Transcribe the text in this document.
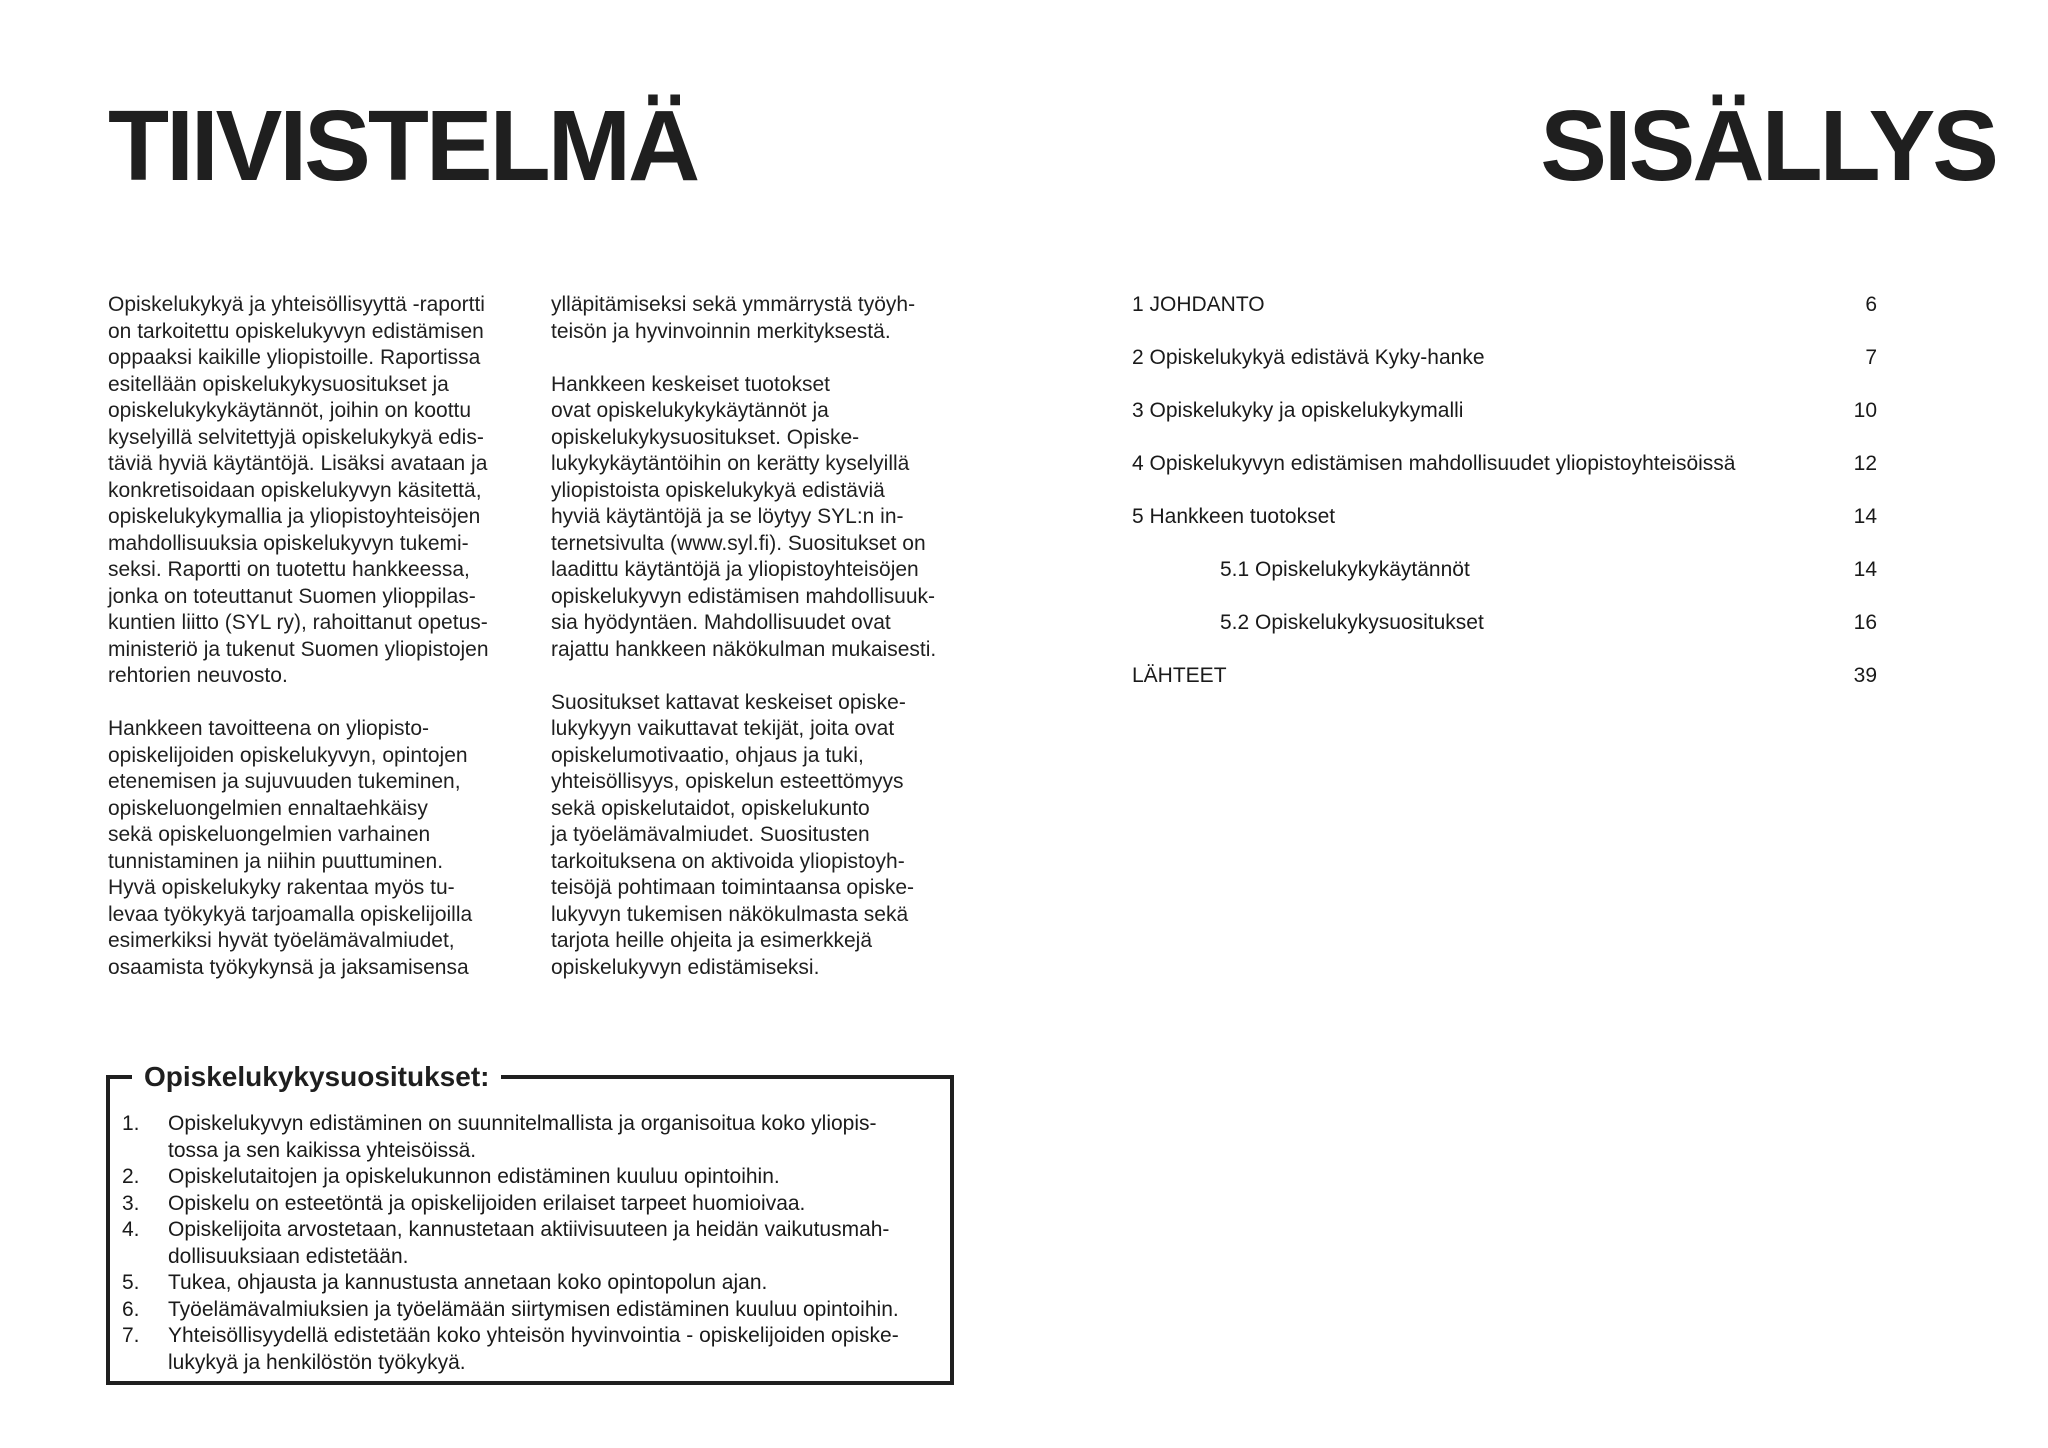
TIIVISTELMÄ

Opiskelukykyä ja yhteisöllisyyttä -raportti
on tarkoitettu opiskelukyvyn edistämisen
oppaaksi kaikille yliopistoille. Raportissa
esitellään opiskelukykysuositukset ja
opiskelukykykäytännöt, joihin on koottu
kyselyillä selvitettyjä opiskelukykyä edis-
täviä hyviä käytäntöjä. Lisäksi avataan ja
konkretisoidaan opiskelukyvyn käsitettä,
opiskelukykymallia ja yliopistoyhteisöjen
mahdollisuuksia opiskelukyvyn tukemi-
seksi. Raportti on tuotettu hankkeessa,
jonka on toteuttanut Suomen ylioppilas-
kuntien liitto (SYL ry), rahoittanut opetus-
ministeriö ja tukenut Suomen yliopistojen
rehtorien neuvosto.

Hankkeen tavoitteena on yliopisto-
opiskelijoiden opiskelukyvyn, opintojen
etenemisen ja sujuvuuden tukeminen,
opiskeluongelmien ennaltaehkäisy
sekä opiskeluongelmien varhainen
tunnistaminen ja niihin puuttuminen.
Hyvä opiskelukyky rakentaa myös tu-
levaa työkykyä tarjoamalla opiskelijoilla
esimerkiksi hyvät työelämävalmiudet,
osaamista työkykynsä ja jaksamisensa

ylläpitämiseksi sekä ymmärrystä työyh-
teisön ja hyvinvoinnin merkityksestä.

Hankkeen keskeiset tuotokset
ovat opiskelukykykäytännöt ja
opiskelukykysuositukset. Opiske-
lukykykäytäntöihin on kerätty kyselyillä
yliopistoista opiskelukykyä edistäviä
hyviä käytäntöjä ja se löytyy SYL:n in-
ternetsivulta (www.syl.fi). Suositukset on
laadittu käytäntöjä ja yliopistoyhteisöjen
opiskelukyvyn edistämisen mahdollisuuk-
sia hyödyntäen. Mahdollisuudet ovat
rajattu hankkeen näkökulman mukaisesti.

Suositukset kattavat keskeiset opiske-
lukykyyn vaikuttavat tekijät, joita ovat
opiskelumotivaatio, ohjaus ja tuki,
yhteisöllisyys, opiskelun esteettömyys
sekä opiskelutaidot, opiskelukunto
ja työelämävalmiudet. Suositusten
tarkoituksena on aktivoida yliopistoyh-
teisöjä pohtimaan toimintaansa opiske-
lukyvyn tukemisen näkökulmasta sekä
tarjota heille ohjeita ja esimerkkejä
opiskelukyvyn edistämiseksi.

Opiskelukykysuositukset:
1.	Opiskelukyvyn edistäminen on suunnitelmallista ja organisoitua koko yliopis-
tossa ja sen kaikissa yhteisöissä.
2.	Opiskelutaitojen ja opiskelukunnon edistäminen kuuluu opintoihin.
3.	Opiskelu on esteetöntä ja opiskelijoiden erilaiset tarpeet huomioivaa.
4.	Opiskelijoita arvostetaan, kannustetaan aktiivisuuteen ja heidän vaikutusmah-
dollisuuksiaan edistetään.
5.	Tukea, ohjausta ja kannustusta annetaan koko opintopolun ajan.
6.	Työelämävalmiuksien ja työelämään siirtymisen edistäminen kuuluu opintoihin.
7.	Yhteisöllisyydellä edistetään koko yhteisön hyvinvointia - opiskelijoiden opiske-
lukykyä ja henkilöstön työkykyä.
SISÄLLYS
1 JOHDANTO	6
2 Opiskelukykyä edistävä Kyky-hanke	7
3 Opiskelukyky ja opiskelukykymalli	10
4 Opiskelukyvyn edistämisen mahdollisuudet yliopistoyhteisöissä	12
5 Hankkeen tuotokset	14
5.1 Opiskelukykykäytännöt	14
5.2 Opiskelukykysuositukset	16
LÄHTEET	39
